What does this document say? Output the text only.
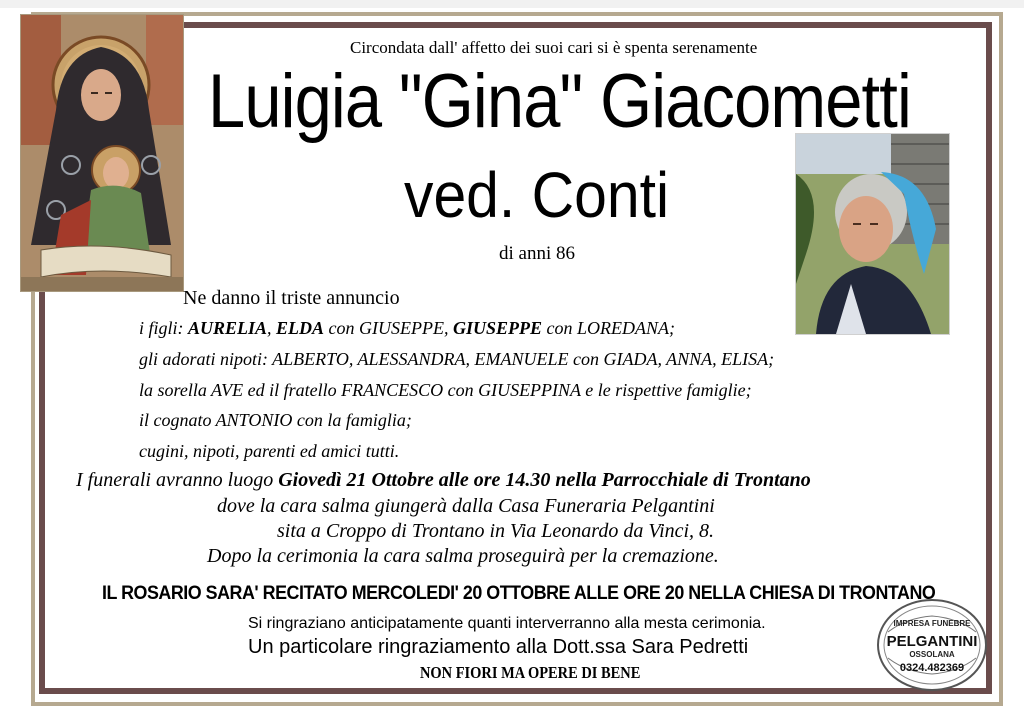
Circondata dall' affetto dei suoi cari si è spenta serenamente
Luigia "Gina" Giacometti
ved. Conti
di anni 86
Ne danno il triste annuncio
i figli: AURELIA, ELDA con GIUSEPPE, GIUSEPPE con LOREDANA;
gli adorati nipoti: ALBERTO, ALESSANDRA, EMANUELE con GIADA, ANNA, ELISA;
la sorella AVE ed il fratello FRANCESCO con GIUSEPPINA e le rispettive famiglie;
il cognato ANTONIO con la famiglia;
cugini, nipoti, parenti ed amici tutti.
I funerali avranno luogo Giovedì 21 Ottobre alle ore 14.30 nella Parrocchiale di Trontano
dove la cara salma giungerà dalla Casa Funeraria Pelgantini
sita a Croppo di Trontano in Via Leonardo da Vinci, 8.
Dopo la cerimonia la cara salma proseguirà per la cremazione.
IL ROSARIO SARA' RECITATO MERCOLEDI' 20 OTTOBRE ALLE ORE 20 NELLA CHIESA DI TRONTANO
Si ringraziano anticipatamente quanti interverranno alla mesta cerimonia.
Un particolare ringraziamento alla Dott.ssa Sara Pedretti
NON FIORI MA OPERE DI BENE
IMPRESA FUNEBRE
PELGANTINI
OSSOLANA
0324.482369
